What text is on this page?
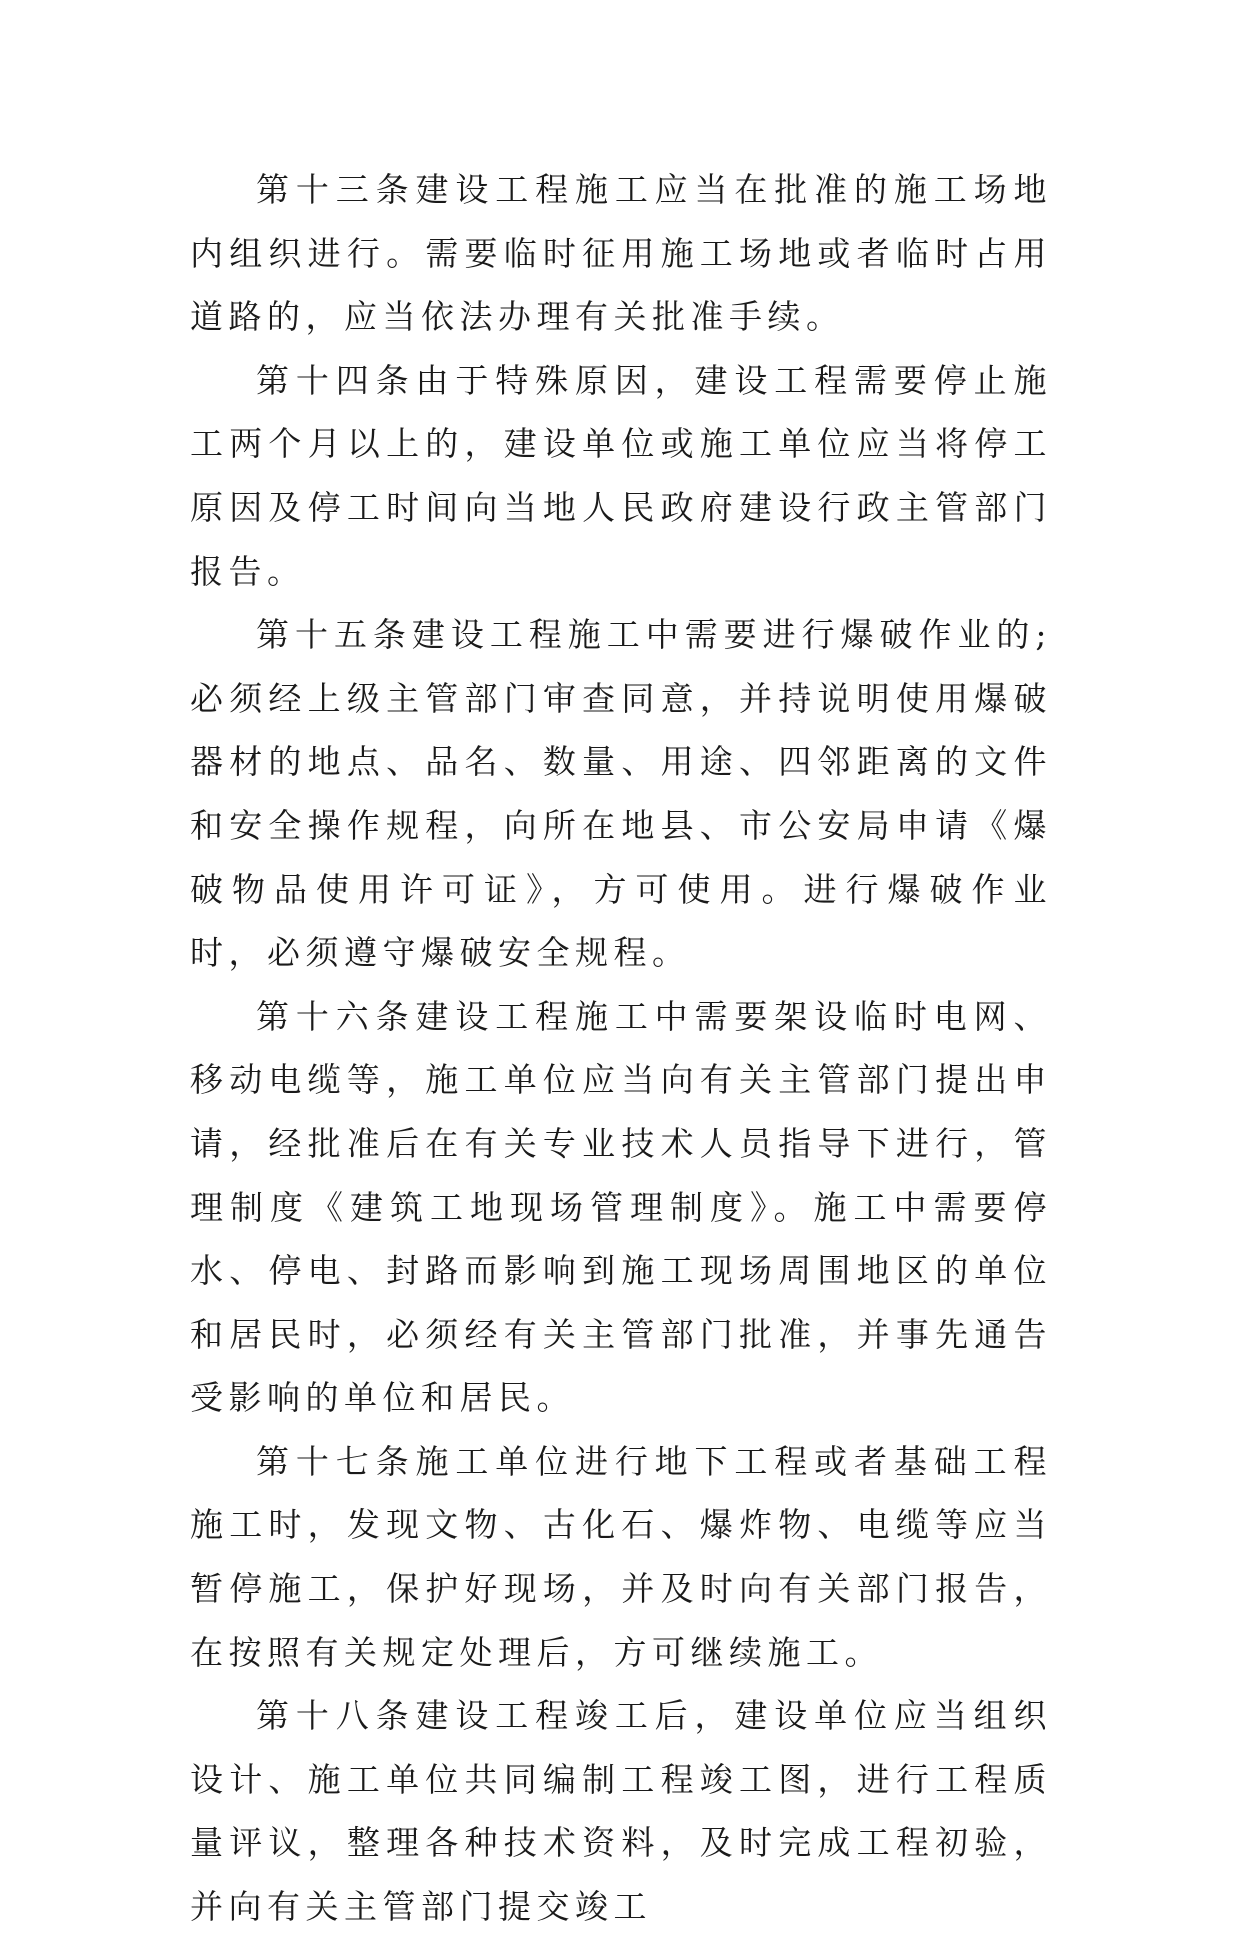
第十三条建设工程施工应当在批准的施工场地内组织进行。需要临时征用施工场地或者临时占用道路的，应当依法办理有关批准手续。

第十四条由于特殊原因，建设工程需要停止施工两个月以上的，建设单位或施工单位应当将停工原因及停工时间向当地人民政府建设行政主管部门报告。

第十五条建设工程施工中需要进行爆破作业的;必须经上级主管部门审查同意，并持说明使用爆破器材的地点、品名、数量、用途、四邻距离的文件和安全操作规程，向所在地县、市公安局申请《爆破物品使用许可证》，方可使用。进行爆破作业时，必须遵守爆破安全规程。

第十六条建设工程施工中需要架设临时电网、移动电缆等，施工单位应当向有关主管部门提出申请，经批准后在有关专业技术人员指导下进行，管理制度《建筑工地现场管理制度》。施工中需要停水、停电、封路而影响到施工现场周围地区的单位和居民时，必须经有关主管部门批准，并事先通告受影响的单位和居民。

第十七条施工单位进行地下工程或者基础工程施工时，发现文物、古化石、爆炸物、电缆等应当暂停施工，保护好现场，并及时向有关部门报告，在按照有关规定处理后，方可继续施工。

第十八条建设工程竣工后，建设单位应当组织设计、施工单位共同编制工程竣工图，进行工程质量评议，整理各种技术资料，及时完成工程初验，并向有关主管部门提交竣工
